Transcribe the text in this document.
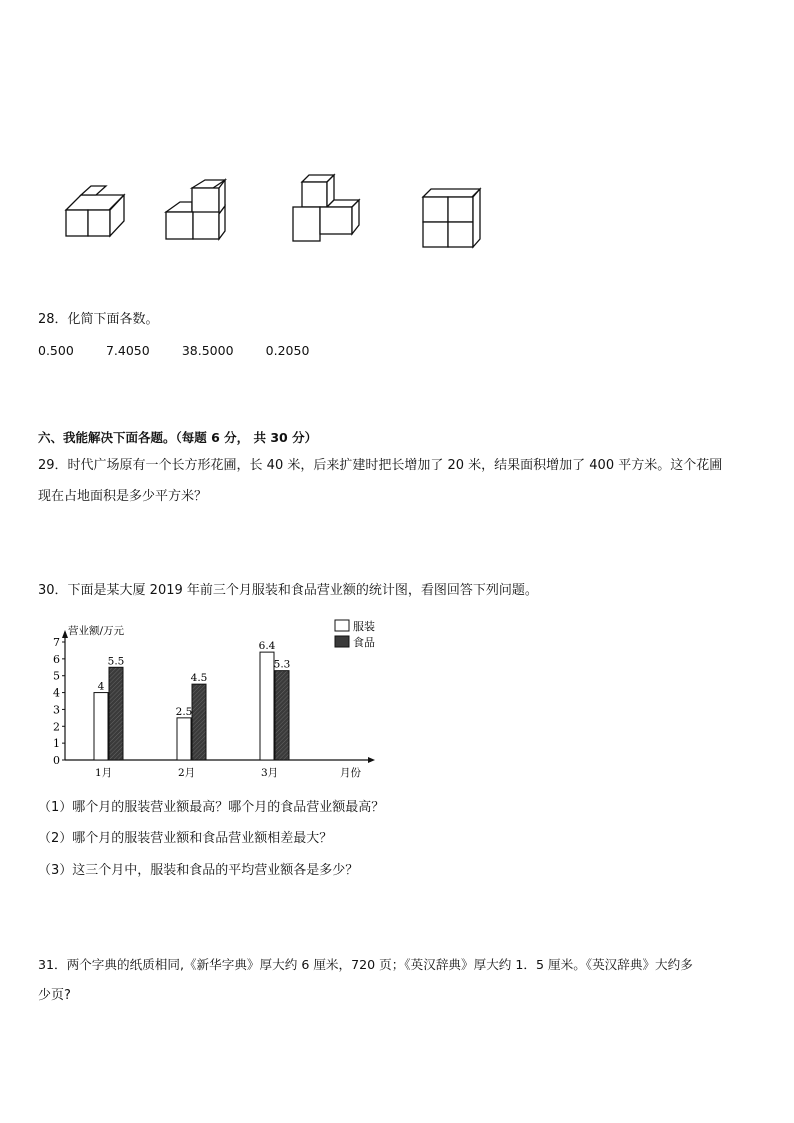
28．化简下面各数。
0.500	7.4050	38.5000	0.2050
六、我能解决下面各题。（每题 6 分， 共 30 分）
29．时代广场原有一个长方形花圃，长 40 米，后来扩建时把长增加了 20 米，结果面积增加了 400 平方米。这个花圃
现在占地面积是多少平方米？
30．下面是某大厦 2019 年前三个月服装和食品营业额的统计图，看图回答下列问题。
营业额/万元
月份
0
1
2
3
4
5
6
7
1月
4
5.5
2月
2.5
4.5
3月
6.4
5.3
服装
食品
（1）哪个月的服装营业额最高？哪个月的食品营业额最高？
（2）哪个月的服装营业额和食品营业额相差最大？
（3）这三个月中，服装和食品的平均营业额各是多少？
31．两个字典的纸质相同,《新华字典》厚大约 6 厘米，720 页；《英汉辞典》厚大约 1．5 厘米。《英汉辞典》大约多
少页?
